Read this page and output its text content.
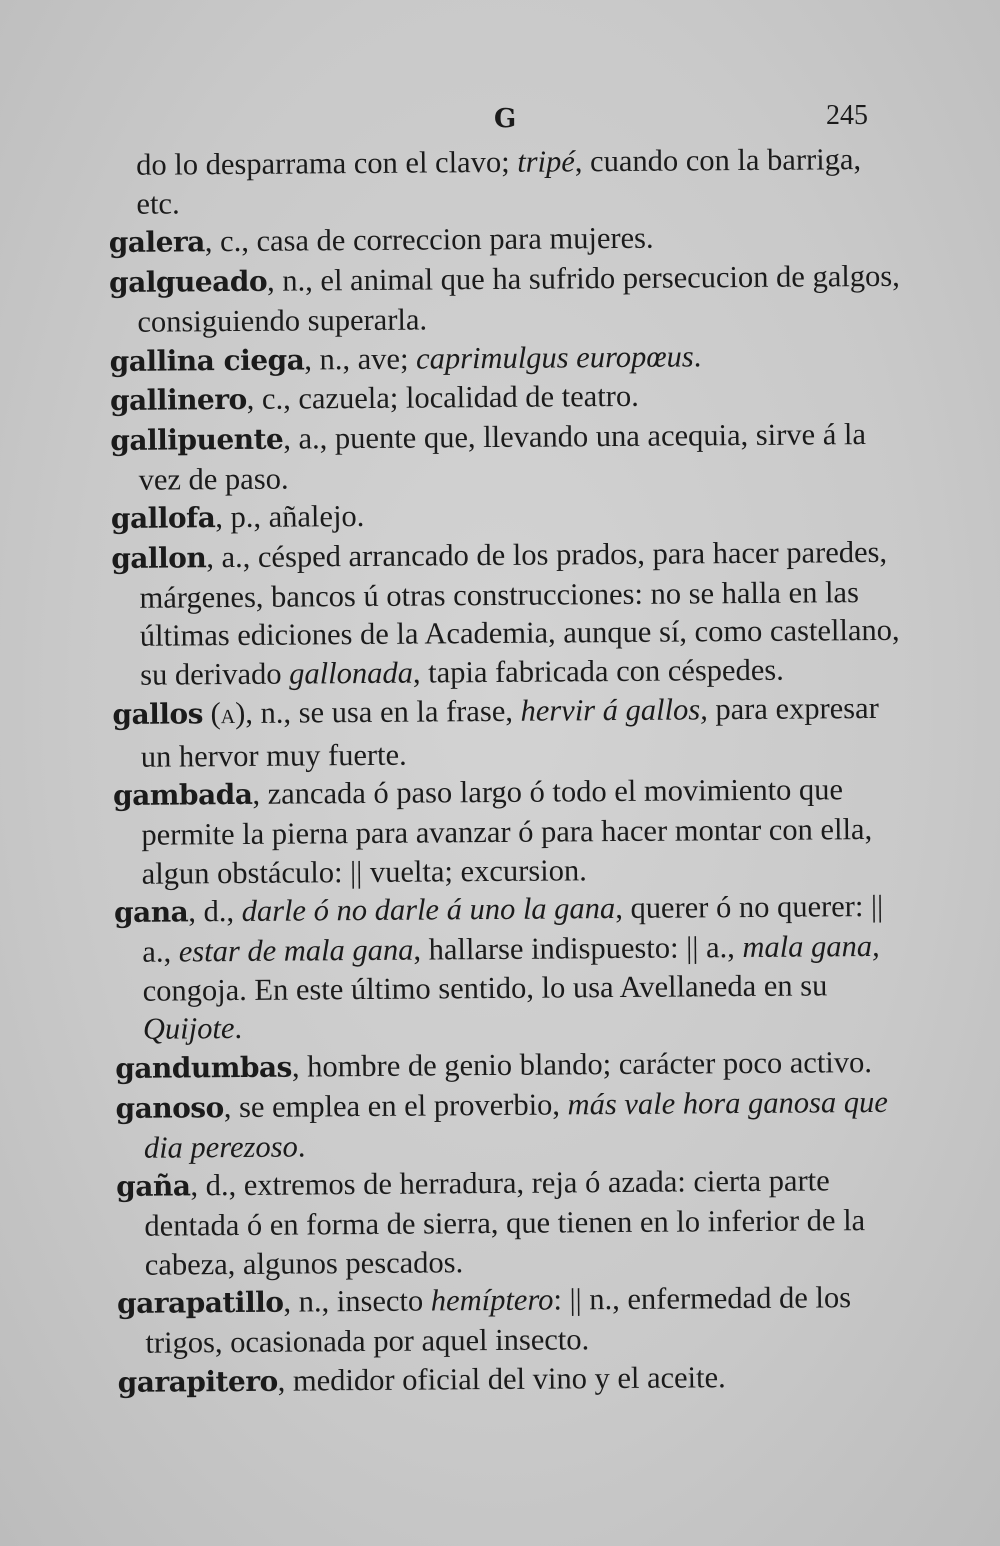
G	245

do lo desparrama con el clavo; tripé, cuando con la barriga, etc.

galera, c., casa de correccion para mujeres.

galgueado, n., el animal que ha sufrido persecucion de galgos, consiguiendo superarla.

gallina ciega, n., ave; caprimulgus europœus.

gallinero, c., cazuela; localidad de teatro.

gallipuente, a., puente que, llevando una acequia, sirve á la vez de paso.

gallofa, p., añalejo.

gallon, a., césped arrancado de los prados, para hacer paredes, márgenes, bancos ú otras construcciones: no se halla en las últimas ediciones de la Academia, aunque sí, como castellano, su derivado gallonada, tapia fabricada con céspedes.

gallos (A), n., se usa en la frase, hervir á gallos, para expresar un hervor muy fuerte.

gambada, zancada ó paso largo ó todo el movimiento que permite la pierna para avanzar ó para hacer montar con ella, algun obstáculo: || vuelta; excursion.

gana, d., darle ó no darle á uno la gana, querer ó no querer: || a., estar de mala gana, hallarse indispuesto: || a., mala gana, congoja. En este último sentido, lo usa Avellaneda en su Quijote.

gandumbas, hombre de genio blando; carácter poco activo.

ganoso, se emplea en el proverbio, más vale hora ganosa que dia perezoso.

gaña, d., extremos de herradura, reja ó azada: cierta parte dentada ó en forma de sierra, que tienen en lo inferior de la cabeza, algunos pescados.

garapatillo, n., insecto hemíptero: || n., enfermedad de los trigos, ocasionada por aquel insecto.

garapitero, medidor oficial del vino y el aceite.
